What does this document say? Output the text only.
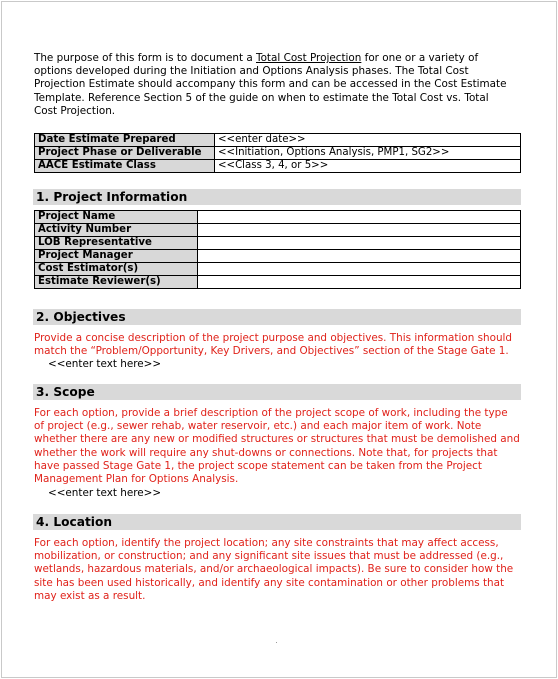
The purpose of this form is to document a Total Cost Projection for one or a variety of options developed during the Initiation and Options Analysis phases. The Total Cost Projection Estimate should accompany this form and can be accessed in the Cost Estimate Template. Reference Section 5 of the guide on when to estimate the Total Cost vs. Total Cost Projection.

Date Estimate Prepared	<<enter date>>
Project Phase or Deliverable	<<Initiation, Options Analysis, PMP1, SG2>>
AACE Estimate Class	<<Class 3, 4, or 5>>
1. Project Information
Project Name	
Activity Number	
LOB Representative	
Project Manager	
Cost Estimator(s)	
Estimate Reviewer(s)	
2. Objectives

Provide a concise description of the project purpose and objectives. This information should match the “Problem/Opportunity, Key Drivers, and Objectives” section of the Stage Gate 1.

<<enter text here>>
3. Scope

For each option, provide a brief description of the project scope of work, including the type of project (e.g., sewer rehab, water reservoir, etc.) and each major item of work. Note whether there are any new or modified structures or structures that must be demolished and whether the work will require any shut-downs or connections. Note that, for projects that have passed Stage Gate 1, the project scope statement can be taken from the Project Management Plan for Options Analysis.

<<enter text here>>
4. Location

For each option, identify the project location; any site constraints that may affect access, mobilization, or construction; and any significant site issues that must be addressed (e.g., wetlands, hazardous materials, and/or archaeological impacts). Be sure to consider how the site has been used historically, and identify any site contamination or other problems that may exist as a result.
